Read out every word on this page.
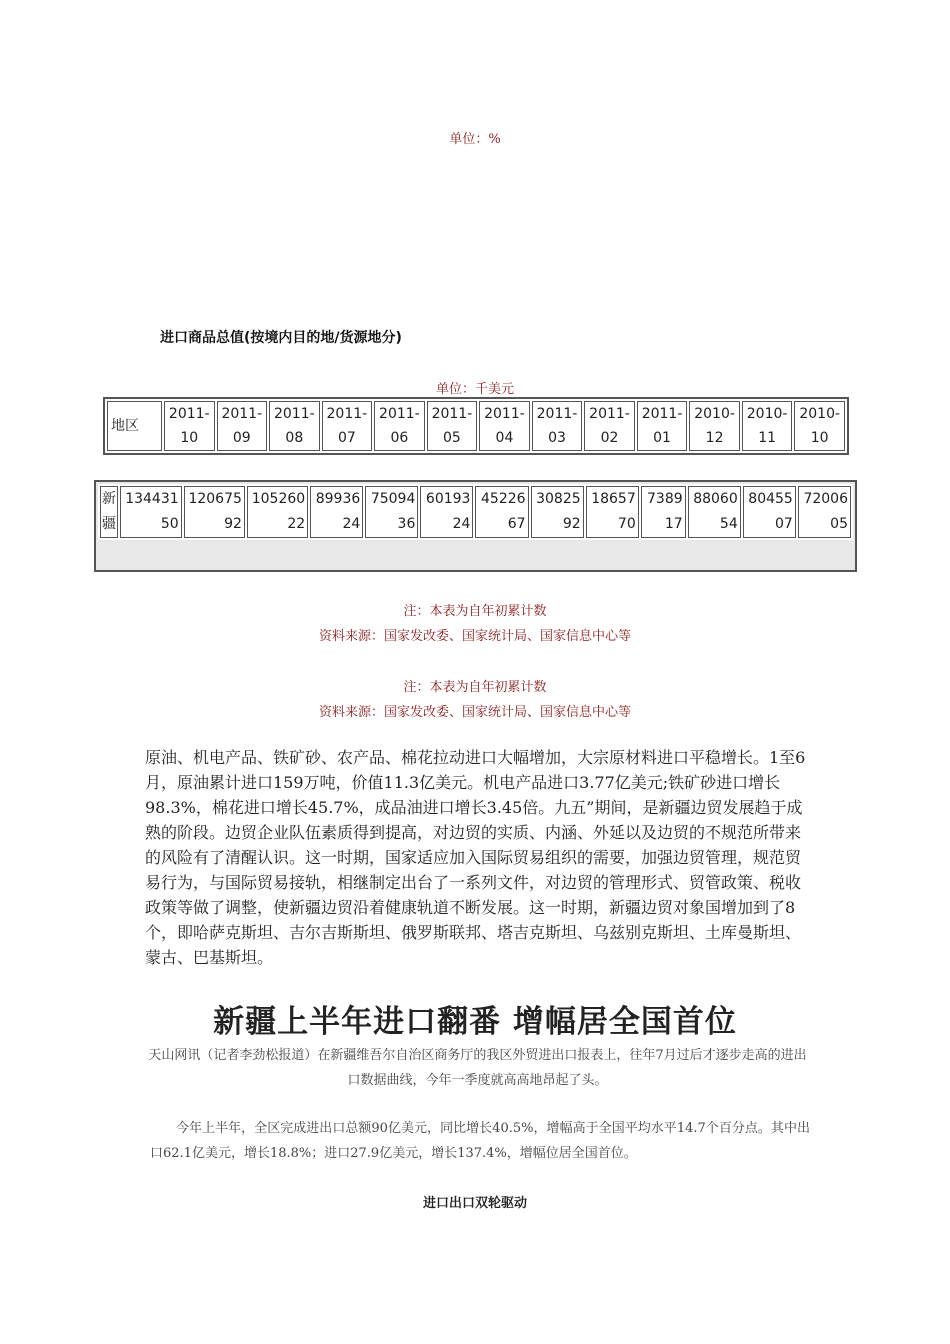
单位：%
进口商品总值(按境内目的地/货源地分)
单位：千美元
地区	2011-10	2011-09	2011-08	2011-07	2011-06	2011-05	2011-04	2011-03	2011-02	2011-01	2010-12	2010-11	2010-10
新疆	13443150	12067592	10526022	8993624	7509436	6019324	4522667	3082592	1865770	738917	8806054	8045507	7200605
注：本表为自年初累计数
资料来源：国家发改委、国家统计局、国家信息中心等
注：本表为自年初累计数
资料来源：国家发改委、国家统计局、国家信息中心等
原油、机电产品、铁矿砂、农产品、棉花拉动进口大幅增加，大宗原材料进口平稳增长。1至6月，原油累计进口159万吨，价值11.3亿美元。机电产品进口3.77亿美元;铁矿砂进口增长98.3%，棉花进口增长45.7%，成品油进口增长3.45倍。九五”期间，是新疆边贸发展趋于成熟的阶段。边贸企业队伍素质得到提高，对边贸的实质、内涵、外延以及边贸的不规范所带来的风险有了清醒认识。这一时期，国家适应加入国际贸易组织的需要，加强边贸管理，规范贸易行为，与国际贸易接轨，相继制定出台了一系列文件，对边贸的管理形式、贸管政策、税收政策等做了调整，使新疆边贸沿着健康轨道不断发展。这一时期，新疆边贸对象国增加到了8个，即哈萨克斯坦、吉尔吉斯斯坦、俄罗斯联邦、塔吉克斯坦、乌兹别克斯坦、土库曼斯坦、蒙古、巴基斯坦。
新疆上半年进口翻番 增幅居全国首位
天山网讯（记者李劲松报道）在新疆维吾尔自治区商务厅的我区外贸进出口报表上，往年7月过后才逐步走高的进出口数据曲线，今年一季度就高高地昂起了头。
今年上半年，全区完成进出口总额90亿美元，同比增长40.5%，增幅高于全国平均水平14.7个百分点。其中出口62.1亿美元，增长18.8%；进口27.9亿美元，增长137.4%，增幅位居全国首位。
进口出口双轮驱动
